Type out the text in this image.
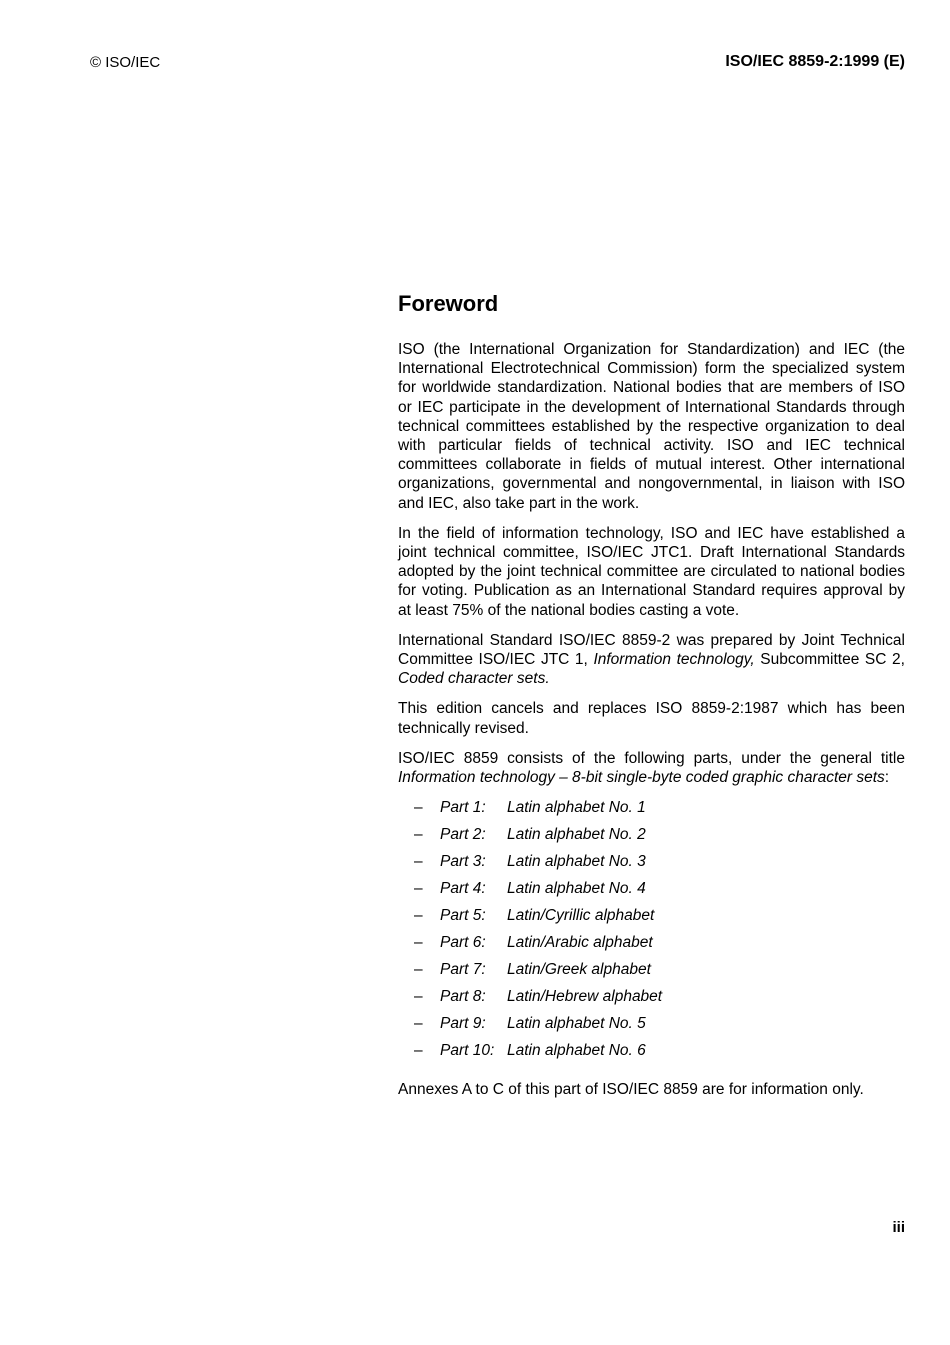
© ISO/IEC	ISO/IEC 8859-2:1999 (E)
Foreword

ISO (the International Organization for Standardization) and IEC (the International Electrotechnical Commission) form the specialized system for worldwide standardization. National bodies that are members of ISO or IEC participate in the development of International Standards through technical committees established by the respective organization to deal with particular fields of technical activity. ISO and IEC technical committees collaborate in fields of mutual interest. Other international organizations, governmental and nongovernmental, in liaison with ISO and IEC, also take part in the work.

In the field of information technology, ISO and IEC have established a joint technical committee, ISO/IEC JTC1. Draft International Standards adopted by the joint technical committee are circulated to national bodies for voting. Publication as an International Standard requires approval by at least 75% of the national bodies casting a vote.

International Standard ISO/IEC 8859-2 was prepared by Joint Technical Committee ISO/IEC JTC 1, Information technology, Subcommittee SC 2, Coded character sets.

This edition cancels and replaces ISO 8859-2:1987 which has been technically revised.

ISO/IEC 8859 consists of the following parts, under the general title Information technology – 8-bit single-byte coded graphic character sets:

– Part 1: Latin alphabet No. 1
– Part 2: Latin alphabet No. 2
– Part 3: Latin alphabet No. 3
– Part 4: Latin alphabet No. 4
– Part 5: Latin/Cyrillic alphabet
– Part 6: Latin/Arabic alphabet
– Part 7: Latin/Greek alphabet
– Part 8: Latin/Hebrew alphabet
– Part 9: Latin alphabet No. 5
– Part 10: Latin alphabet No. 6

Annexes A to C of this part of ISO/IEC 8859 are for information only.

iii
